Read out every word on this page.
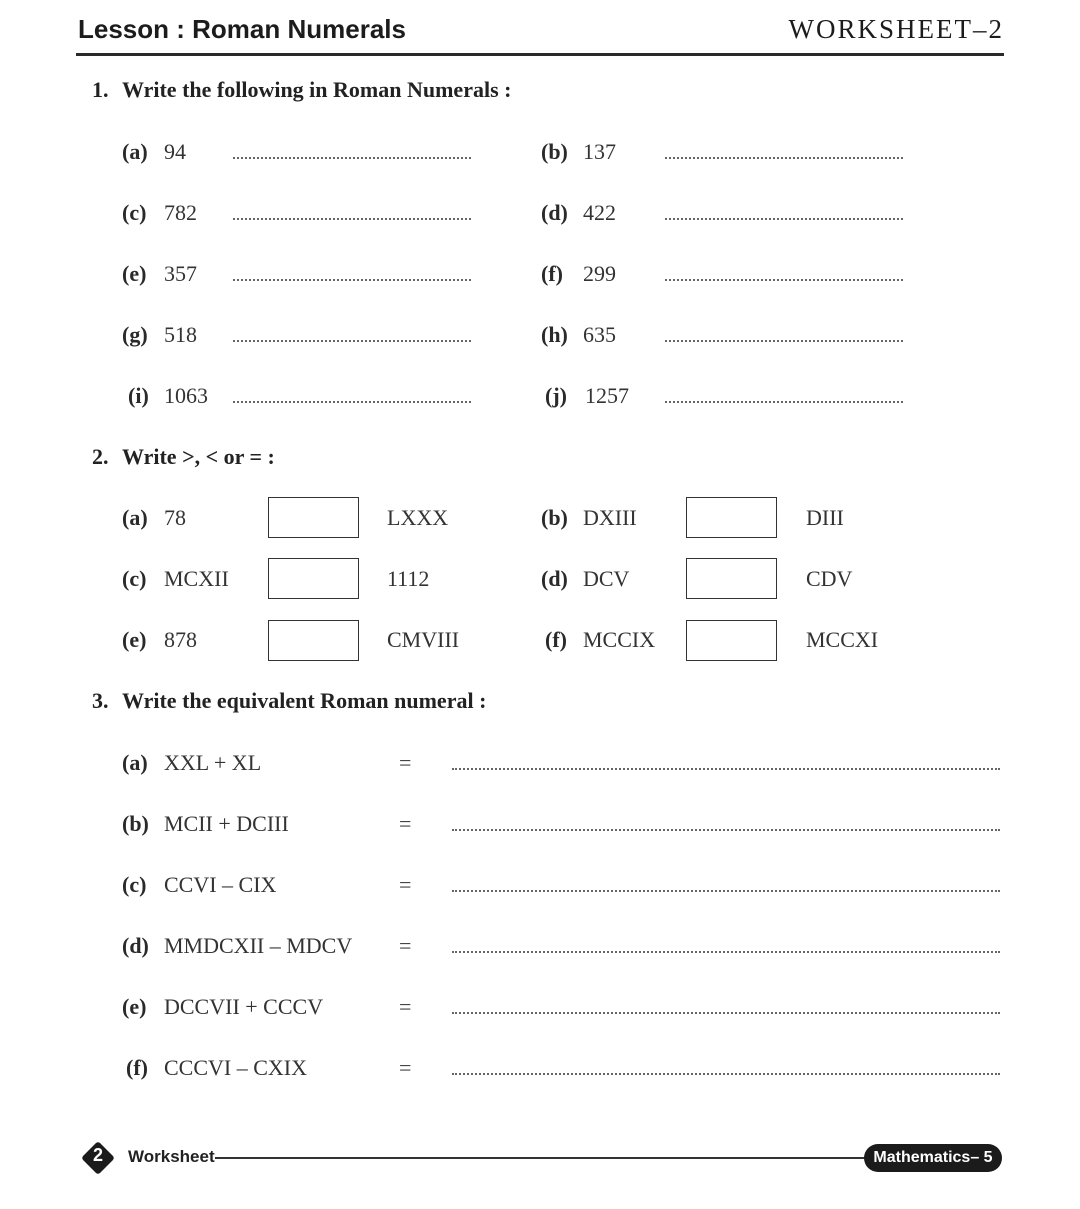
Lesson : Roman Numerals	WORKSHEET–2
1. Write the following in Roman Numerals :
(a) 94	(b) 137
(c) 782	(d) 422
(e) 357	(f) 299
(g) 518	(h) 635
(i) 1063	(j) 1257
2. Write >, < or = :
(a) 78	LXXX	(b) DXIII	DIII
(c) MCXII	1112	(d) DCV	CDV
(e) 878	CMVIII	(f) MCCIX	MCCXI
3. Write the equivalent Roman numeral :
(a) XXL + XL	=
(b) MCII + DCIII	=
(c) CCVI – CIX	=
(d) MMDCXII – MDCV =
(e) DCCVII + CCCV	=
(f) CCCVI – CXIX	=
2	Worksheet	Mathematics– 5
